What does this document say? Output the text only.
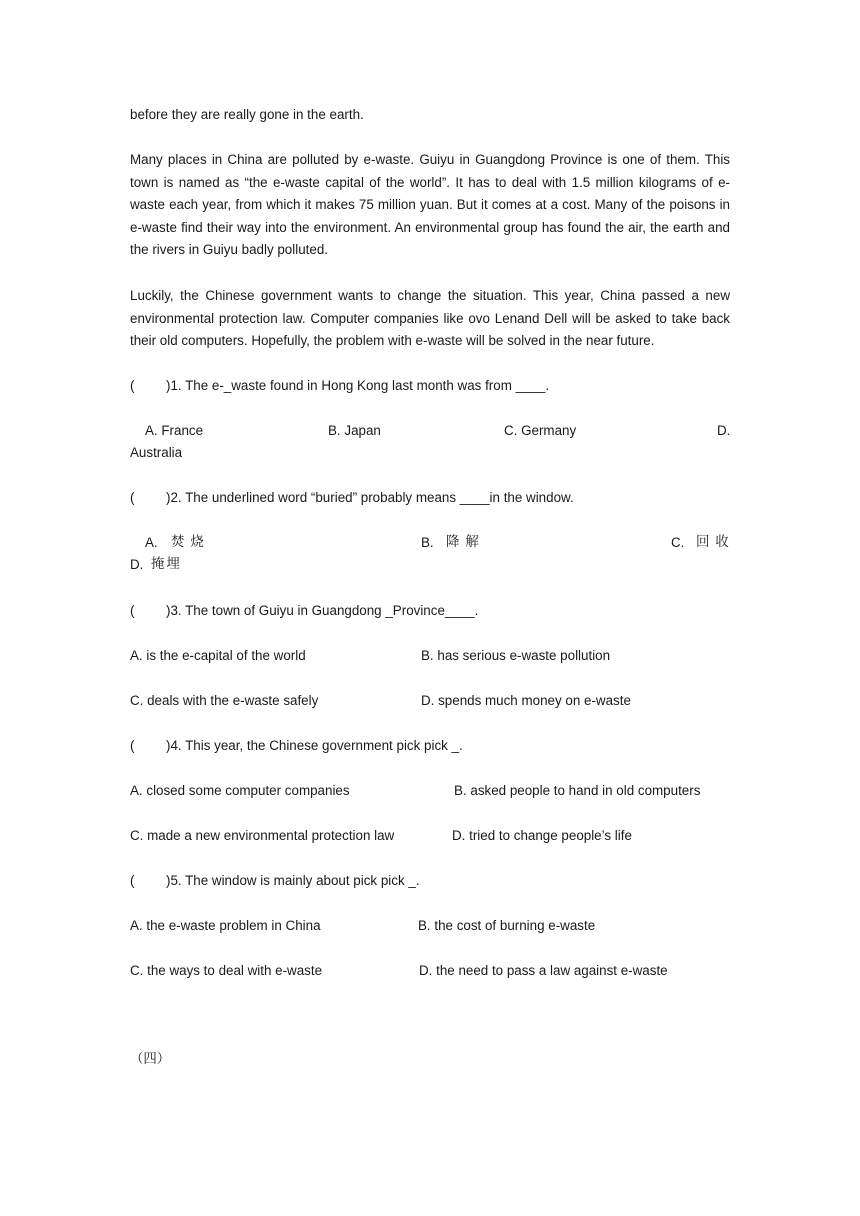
before they are really gone in the earth.
Many places in China are polluted by e-waste. Guiyu in Guangdong Province is one of them. This town is named as “the e-waste capital of the world”. It has to deal with 1.5 million kilograms of e-waste each year, from which it makes 75 million yuan. But it comes at a cost. Many of the poisons in e-waste find their way into the environment. An environmental group has found the air, the earth and the rivers in Guiyu badly polluted.
Luckily, the Chinese government wants to change the situation. This year, China passed a new environmental protection law. Computer companies like ovo Lenand Dell will be asked to take back their old computers. Hopefully, the problem with e-waste will be solved in the near future.
( )1. The e-_waste found in Hong Kong last month was from ____.
A. France	B. Japan	C. Germany	D.
Australia
( )2. The underlined word “buried” probably means ____in the window.
A. 焚烧	B. 降解	C. 回收
D. 掩埋
( )3. The town of Guiyu in Guangdong _Province____.
A. is the e-capital of the world	B. has serious e-waste pollution
C. deals with the e-waste safely	D. spends much money on e-waste
( )4. This year, the Chinese government pick pick _.
A. closed some computer companies	B. asked people to hand in old computers
C. made a new environmental protection law	D. tried to change people’s life
( )5. The window is mainly about pick pick _.
A. the e-waste problem in China	B. the cost of burning e-waste
C. the ways to deal with e-waste	D. the need to pass a law against e-waste
（四）
